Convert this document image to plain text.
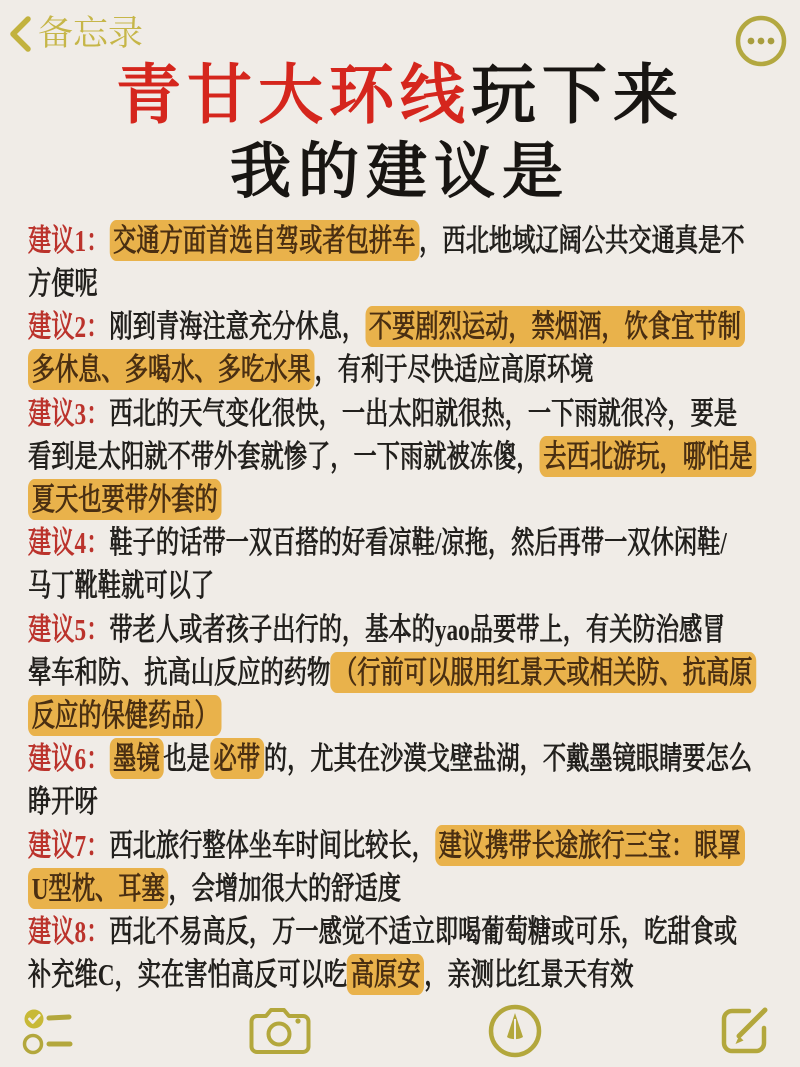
备忘录
青甘大环线玩下来
我的建议是
建议1： 交通方面首选自驾或者包拼车 ，西北地域辽阔公共交通真是不
方便呢
建议2：刚到青海注意充分休息， 不要剧烈运动，禁烟酒，饮食宜节制
多休息、多喝水、多吃水果 ，有利于尽快适应高原环境
建议3：西北的天气变化很快，一出太阳就很热，一下雨就很冷，要是
看到是太阳就不带外套就惨了，一下雨就被冻傻， 去西北游玩，哪怕是
夏天也要带外套的
建议4：鞋子的话带一双百搭的好看凉鞋/凉拖，然后再带一双休闲鞋/
马丁靴鞋就可以了
建议5：带老人或者孩子出行的，基本的yao品要带上，有关防治感冒
晕车和防、抗高山反应的药物 （行前可以服用红景天或相关防、抗高原
反应的保健药品）
建议6： 墨镜 也是 必带 的，尤其在沙漠戈壁盐湖，不戴墨镜眼睛要怎么
睁开呀
建议7：西北旅行整体坐车时间比较长， 建议携带长途旅行三宝：眼罩
U型枕、耳塞 ，会增加很大的舒适度
建议8：西北不易高反，万一感觉不适立即喝葡萄糖或可乐，吃甜食或
补充维C，实在害怕高反可以吃 高原安 ，亲测比红景天有效
